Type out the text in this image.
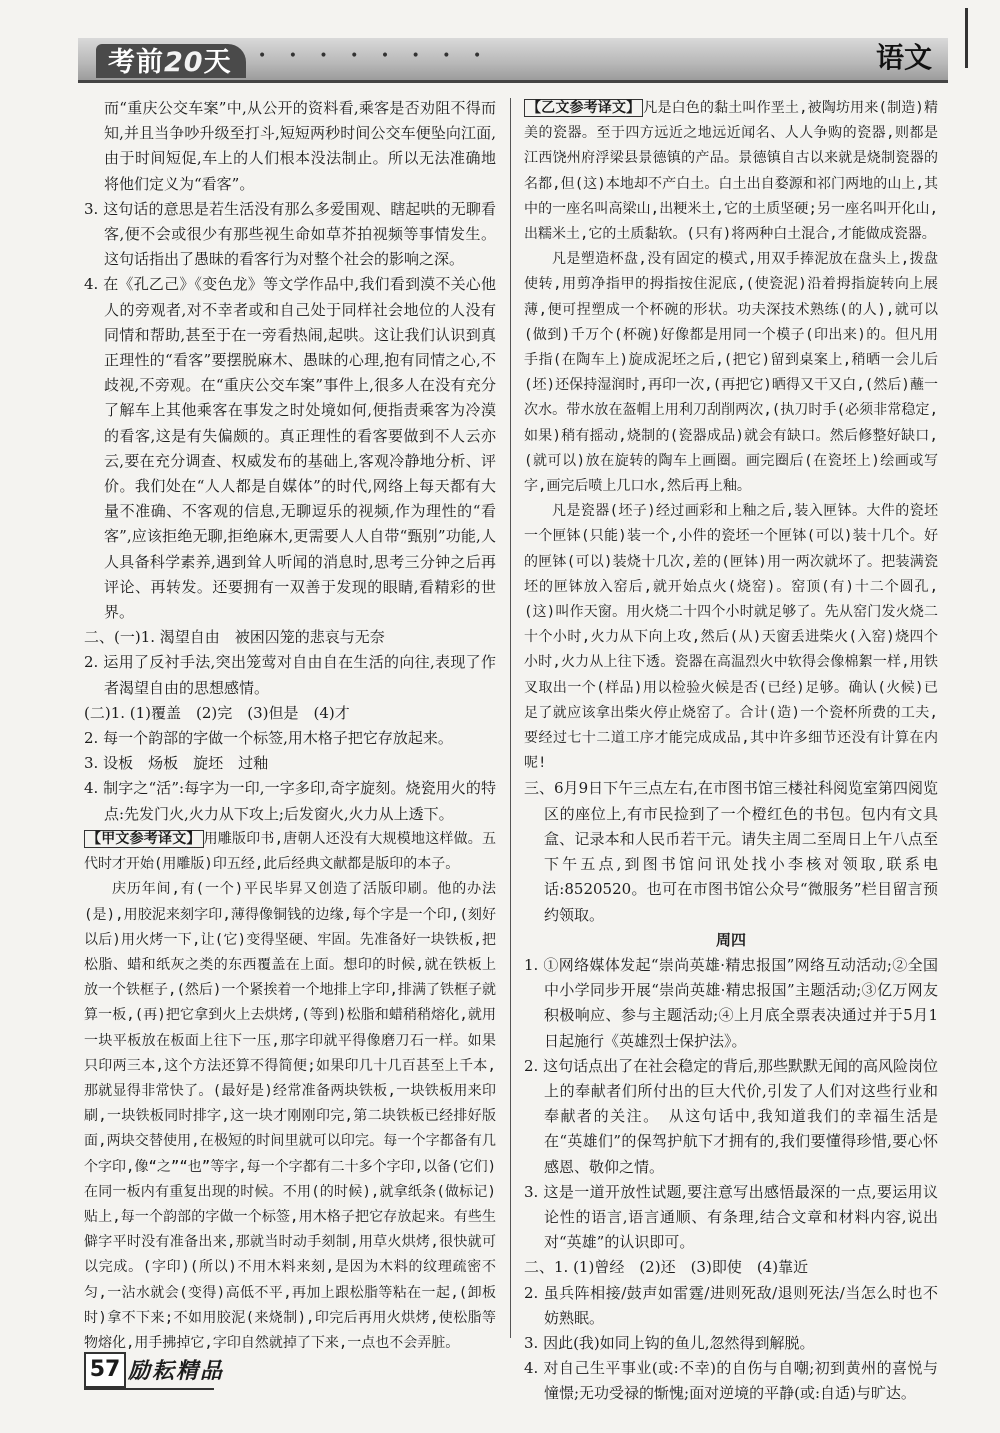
考前20天 • • • • • • • •	语文

而“重庆公交车案”中,从公开的资料看,乘客是否劝阻不得而知,并且当争吵升级至打斗,短短两秒时间公交车便坠向江面,由于时间短促,车上的人们根本没法制止。所以无法准确地将他们定义为“看客”。

3. 这句话的意思是若生活没有那么多爱围观、瞎起哄的无聊看客,便不会或很少有那些视生命如草芥拍视频等事情发生。这句话指出了愚昧的看客行为对整个社会的影响之深。

4. 在《孔乙己》《变色龙》等文学作品中,我们看到漠不关心他人的旁观者,对不幸者或和自己处于同样社会地位的人没有同情和帮助,甚至于在一旁看热闹,起哄。这让我们认识到真正理性的“看客”要摆脱麻木、愚昧的心理,抱有同情之心,不歧视,不旁观。在“重庆公交车案”事件上,很多人在没有充分了解车上其他乘客在事发之时处境如何,便指责乘客为冷漠的看客,这是有失偏颇的。真正理性的看客要做到不人云亦云,要在充分调查、权威发布的基础上,客观冷静地分析、评价。我们处在“人人都是自媒体”的时代,网络上每天都有大量不准确、不客观的信息,无聊逗乐的视频,作为理性的“看客”,应该拒绝无聊,拒绝麻木,更需要人人自带“甄别”功能,人人具备科学素养,遇到耸人听闻的消息时,思考三分钟之后再评论、再转发。还要拥有一双善于发现的眼睛,看精彩的世界。

二、(一)1. 渴望自由　被困囚笼的悲哀与无奈

2. 运用了反衬手法,突出笼莺对自由自在生活的向往,表现了作者渴望自由的思想感情。

(二)1. (1)覆盖　(2)完　(3)但是　(4)才

2. 每一个韵部的字做一个标签,用木格子把它存放起来。

3. 设板　炀板　旋坯　过釉

4. 制字之“活”:每字为一印,一字多印,奇字旋刻。烧瓷用火的特点:先发门火,火力从下攻上;后发窗火,火力从上透下。

【甲文参考译文】 用雕版印书,唐朝人还没有大规模地这样做。五代时才开始(用雕版)印五经,此后经典文献都是版印的本子。

庆历年间,有(一个)平民毕昇又创造了活版印刷。他的办法(是),用胶泥来刻字印,薄得像铜钱的边缘,每个字是一个印,(刻好以后)用火烤一下,让(它)变得坚硬、牢固。先准备好一块铁板,把松脂、蜡和纸灰之类的东西覆盖在上面。想印的时候,就在铁板上放一个铁框子,(然后)一个紧挨着一个地排上字印,排满了铁框子就算一板,(再)把它拿到火上去烘烤,(等到)松脂和蜡稍稍熔化,就用一块平板放在板面上往下一压,那字印就平得像磨刀石一样。如果只印两三本,这个方法还算不得简便;如果印几十几百甚至上千本,那就显得非常快了。(最好是)经常准备两块铁板,一块铁板用来印刷,一块铁板同时排字,这一块才刚刚印完,第二块铁板已经排好版面,两块交替使用,在极短的时间里就可以印完。每一个字都备有几个字印,像“之”“也”等字,每一个字都有二十多个字印,以备(它们)在同一板内有重复出现的时候。不用(的时候),就拿纸条(做标记)贴上,每一个韵部的字做一个标签,用木格子把它存放起来。有些生僻字平时没有准备出来,那就当时动手刻制,用草火烘烤,很快就可以完成。(字印)(所以)不用木料来刻,是因为木料的纹理疏密不匀,一沾水就会(变得)高低不平,再加上跟松脂等粘在一起,(卸板时)拿不下来;不如用胶泥(来烧制),印完后再用火烘烤,使松脂等物熔化,用手拂掉它,字印自然就掉了下来,一点也不会弄脏。

【乙文参考译文】 凡是白色的黏土叫作垩土,被陶坊用来(制造)精美的瓷器。至于四方远近之地远近闻名、人人争购的瓷器,则都是江西饶州府浮梁县景德镇的产品。景德镇自古以来就是烧制瓷器的名都,但(这)本地却不产白土。白土出自婺源和祁门两地的山上,其中的一座名叫高梁山,出粳米土,它的土质坚硬;另一座名叫开化山,出糯米土,它的土质黏软。(只有)将两种白土混合,才能做成瓷器。

凡是塑造杯盘,没有固定的模式,用双手捧泥放在盘头上,拨盘使转,用剪净指甲的拇指按住泥底,(使瓷泥)沿着拇指旋转向上展薄,便可捏塑成一个杯碗的形状。功夫深技术熟练(的人),就可以(做到)千万个(杯碗)好像都是用同一个模子(印出来)的。但凡用手指(在陶车上)旋成泥坯之后,(把它)留到桌案上,稍晒一会儿后(坯)还保持湿润时,再印一次,(再把它)晒得又干又白,(然后)蘸一次水。带水放在盔帽上用利刀刮削两次,(执刀时手(必须非常稳定,如果)稍有摇动,烧制的(瓷器成品)就会有缺口。然后修整好缺口,(就可以)放在旋转的陶车上画圈。画完圈后(在瓷坯上)绘画或写字,画完后喷上几口水,然后再上釉。

凡是瓷器(坯子)经过画彩和上釉之后,装入匣钵。大件的瓷坯一个匣钵(只能)装一个,小件的瓷坯一个匣钵(可以)装十几个。好的匣钵(可以)装烧十几次,差的(匣钵)用一两次就坏了。把装满瓷坯的匣钵放入窑后,就开始点火(烧窑)。窑顶(有)十二个圆孔,(这)叫作天窗。用火烧二十四个小时就足够了。先从窑门发火烧二十个小时,火力从下向上攻,然后(从)天窗丢进柴火(入窑)烧四个小时,火力从上往下透。瓷器在高温烈火中软得会像棉絮一样,用铁叉取出一个(样品)用以检验火候是否(已经)足够。确认(火候)已足了就应该拿出柴火停止烧窑了。合计(造)一个瓷杯所费的工夫,要经过七十二道工序才能完成成品,其中许多细节还没有计算在内呢!

三、6月9日下午三点左右,在市图书馆三楼社科阅览室第四阅览区的座位上,有市民捡到了一个橙红色的书包。包内有文具盒、记录本和人民币若干元。请失主周二至周日上午八点至下午五点,到图书馆问讯处找小李核对领取,联系电话:8520520。也可在市图书馆公众号“微服务”栏目留言预约领取。

周四

1. ①网络媒体发起“崇尚英雄·精忠报国”网络互动活动;②全国中小学同步开展“崇尚英雄·精忠报国”主题活动;③亿万网友积极响应、参与主题活动;④上月底全票表决通过并于5月1日起施行《英雄烈士保护法》。

2. 这句话点出了在社会稳定的背后,那些默默无闻的高风险岗位上的奉献者们所付出的巨大代价,引发了人们对这些行业和奉献者的关注。　从这句话中,我知道我们的幸福生活是在“英雄们”的保驾护航下才拥有的,我们要懂得珍惜,要心怀感恩、敬仰之情。

3. 这是一道开放性试题,要注意写出感悟最深的一点,要运用议论性的语言,语言通顺、有条理,结合文章和材料内容,说出对“英雄”的认识即可。

二、1. (1)曾经　(2)还　(3)即使　(4)靠近

2. 虽兵阵相接/鼓声如雷霆/进则死敌/退则死法/当怎么时也不妨熟眠。

3. 因此(我)如同上钩的鱼儿,忽然得到解脱。

4. 对自己生平事业(或:不幸)的自伤与自嘲;初到黄州的喜悦与憧憬;无功受禄的惭愧;面对逆境的平静(或:自适)与旷达。

57 励耘精品
